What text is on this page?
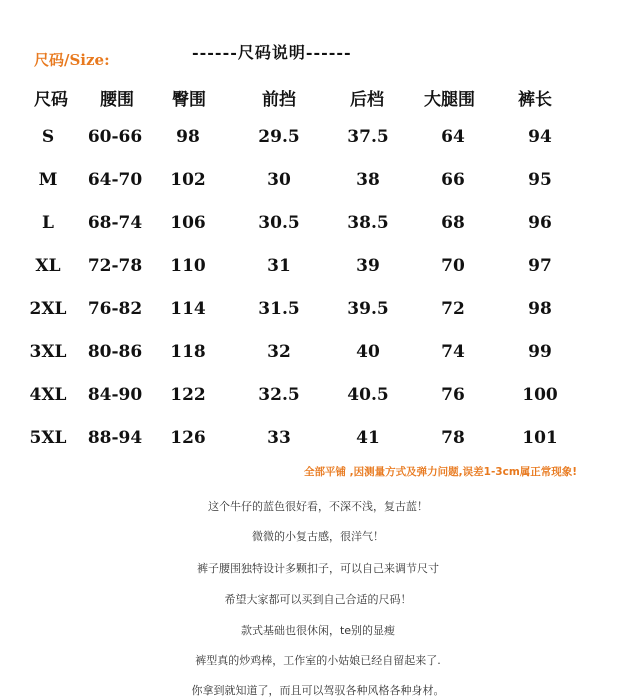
尺码/Size:	------尺码说明------
尺码 腰围 臀围	前挡	后档 大腿围	裤长
S 60-66 98	29.5	37.5	64	94
M 64-70 102	30	38	66	95
L 68-74 106	30.5	38.5	68	96
XL 72-78 110	31	39	70	97
2XL 76-82 114	31.5	39.5	72	98
3XL 80-86 118	32	40	74	99
4XL 84-90 122	32.5	40.5	76	100
5XL 88-94 126	33	41	78	101
全部平铺 ,因测量方式及弹力问题,误差1-3cm属正常现象!
这个牛仔的蓝色很好看，不深不浅，复古蓝！
微微的小复古感，很洋气！
裤子腰围独特设计多颗扣子，可以自己来调节尺寸
希望大家都可以买到自己合适的尺码！
款式基础也很休闲，te别的显瘦
裤型真的炒鸡棒，工作室的小姑娘已经自留起来了.
你拿到就知道了，而且可以驾驭各种风格各种身材。
